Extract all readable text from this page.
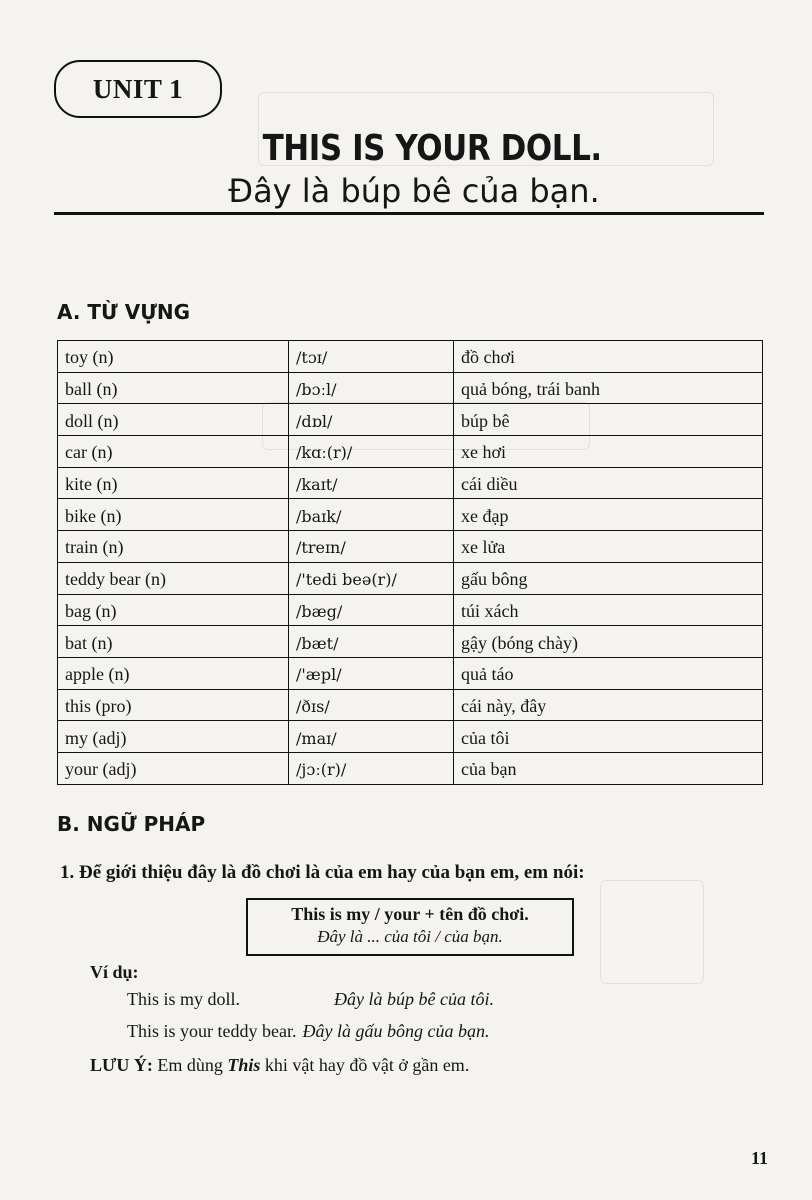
UNIT 1
THIS IS YOUR DOLL.
Đây là búp bê của bạn.
A. TỪ VỰNG
toy (n)	/tɔɪ/	đồ chơi
ball (n)	/bɔːl/	quả bóng, trái banh
doll (n)	/dɒl/	búp bê
car (n)	/kɑː(r)/	xe hơi
kite (n)	/kaɪt/	cái diều
bike (n)	/baɪk/	xe đạp
train (n)	/treɪn/	xe lửa
teddy bear (n)	/'tedi beə(r)/	gấu bông
bag (n)	/bæg/	túi xách
bat (n)	/bæt/	gậy (bóng chày)
apple (n)	/'æpl/	quả táo
this (pro)	/ðɪs/	cái này, đây
my (adj)	/maɪ/	của tôi
your (adj)	/jɔː(r)/	của bạn
B. NGỮ PHÁP
1. Để giới thiệu đây là đồ chơi là của em hay của bạn em, em nói:
This is my / your + tên đồ chơi.
Đây là ... của tôi / của bạn.
Ví dụ:
This is my doll.	Đây là búp bê của tôi.
This is your teddy bear. Đây là gấu bông của bạn.
LƯU Ý: Em dùng This khi vật hay đồ vật ở gần em.
11
